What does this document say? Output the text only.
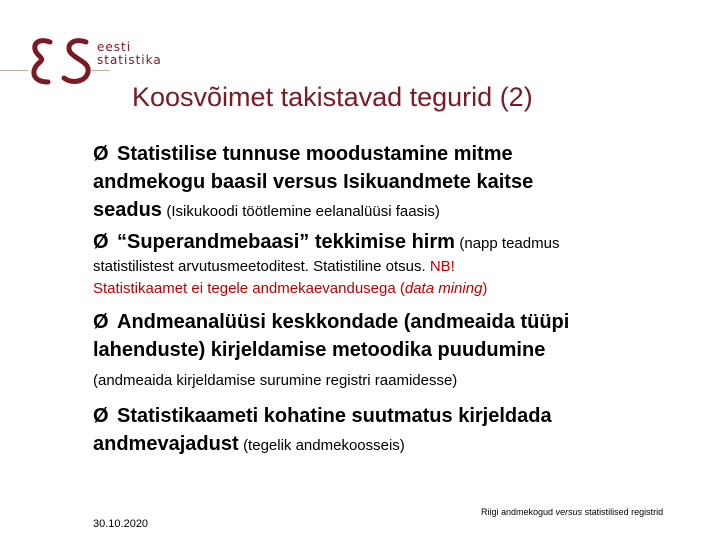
eesti
statistika
Koosvõimet takistavad tegurid (2)
Ø Statistilise tunnuse moodustamine mitme
andmekogu baasil versus Isikuandmete kaitse
seadus (Isikukoodi töötlemine eelanalüüsi faasis)
Ø “Superandmebaasi” tekkimise hirm (napp teadmus
statistilistest arvutusmeetoditest. Statistiline otsus. NB!
Statistikaamet ei tegele andmekaevandusega (data mining)
Ø Andmeanalüüsi keskkondade (andmeaida tüüpi
lahenduste) kirjeldamise metoodika puudumine
(andmeaida kirjeldamise surumine registri raamidesse)
Ø Statistikaameti kohatine suutmatus kirjeldada
andmevajadust (tegelik andmekoosseis)
Riigi andmekogud versus statistilised registrid
30.10.2020
